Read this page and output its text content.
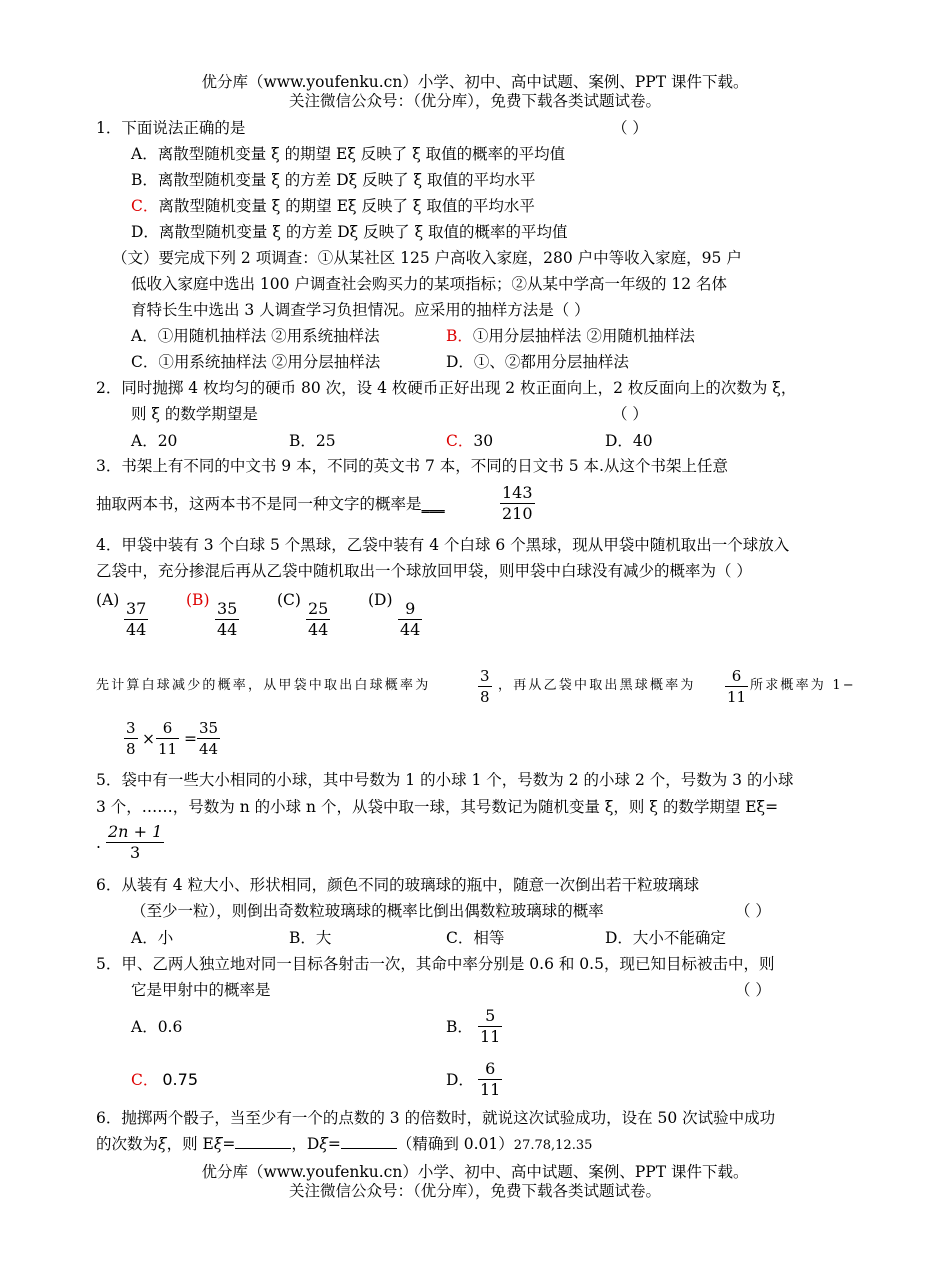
优分库（www.youfenku.cn）小学、初中、高中试题、案例、PPT 课件下载。
关注微信公众号：（优分库），免费下载各类试题试卷。
1．下面说法正确的是	（ ）
A．离散型随机变量 ξ 的期望 Eξ 反映了 ξ 取值的概率的平均值
B．离散型随机变量 ξ 的方差 Dξ 反映了 ξ 取值的平均水平
C．离散型随机变量 ξ 的期望 Eξ 反映了 ξ 取值的平均水平
D．离散型随机变量 ξ 的方差 Dξ 反映了 ξ 取值的概率的平均值
（文）要完成下列 2 项调查：①从某社区 125 户高收入家庭，280 户中等收入家庭，95 户
低收入家庭中选出 100 户调查社会购买力的某项指标；②从某中学高一年级的 12 名体
育特长生中选出 3 人调查学习负担情况。应采用的抽样方法是（ ）
A．①用随机抽样法 ②用系统抽样法	B．①用分层抽样法 ②用随机抽样法
C．①用系统抽样法 ②用分层抽样法	D．①、②都用分层抽样法
2．同时抛掷 4 枚均匀的硬币 80 次，设 4 枚硬币正好出现 2 枚正面向上，2 枚反面向上的次数为 ξ，
则 ξ 的数学期望是	（ ）
A．20	B．25	C．30	D．40
3．书架上有不同的中文书 9 本，不同的英文书 7 本，不同的日文书 5 本.从这个书架上任意
抽取两本书，这两本书不是同一种文字的概率是___	$\frac{143}{210}$
4．甲袋中装有 3 个白球 5 个黑球，乙袋中装有 4 个白球 6 个黑球，现从甲袋中随机取出一个球放入
乙袋中，充分掺混后再从乙袋中随机取出一个球放回甲袋，则甲袋中白球没有减少的概率为（ ）
$(A) \frac{37}{44} (B) \frac{35}{44} (C) \frac{25}{44} (D) \frac{9}{44}$
先计算白球减少的概率，从甲袋中取出白球概率为	$\frac{3}{8}$ ，再从乙袋中取出黑球概率为 $\frac{6}{11}$ 所求概率为 1−
$\frac{3}{8} \times \frac{6}{11} = \frac{35}{44}$
5．袋中有一些大小相同的小球，其中号数为 1 的小球 1 个，号数为 2 的小球 2 个，号数为 3 的小球
3 个，……，号数为 n 的小球 n 个，从袋中取一球，其号数记为随机变量 ξ，则 ξ 的数学期望 Eξ=
. $\frac{2n + 1}{3}$
6．从装有 4 粒大小、形状相同，颜色不同的玻璃球的瓶中，随意一次倒出若干粒玻璃球
（至少一粒），则倒出奇数粒玻璃球的概率比倒出偶数粒玻璃球的概率	（ ）
A．小	B．大	C．相等	D．大小不能确定
5．甲、乙两人独立地对同一目标各射击一次，其命中率分别是 0.6 和 0.5，现已知目标被击中，则
它是甲射中的概率是	（ ）
A．0.6	B． $\frac{5}{11}$
C． 0.75	D． $\frac{6}{11}$
6．抛掷两个骰子，当至少有一个的点数的 3 的倍数时，就说这次试验成功，设在 50 次试验中成功
的次数为ξ，则 Eξ=	，Dξ=	（精确到 0.01）27.78,12.35
优分库（www.youfenku.cn）小学、初中、高中试题、案例、PPT 课件下载。
关注微信公众号：（优分库），免费下载各类试题试卷。
